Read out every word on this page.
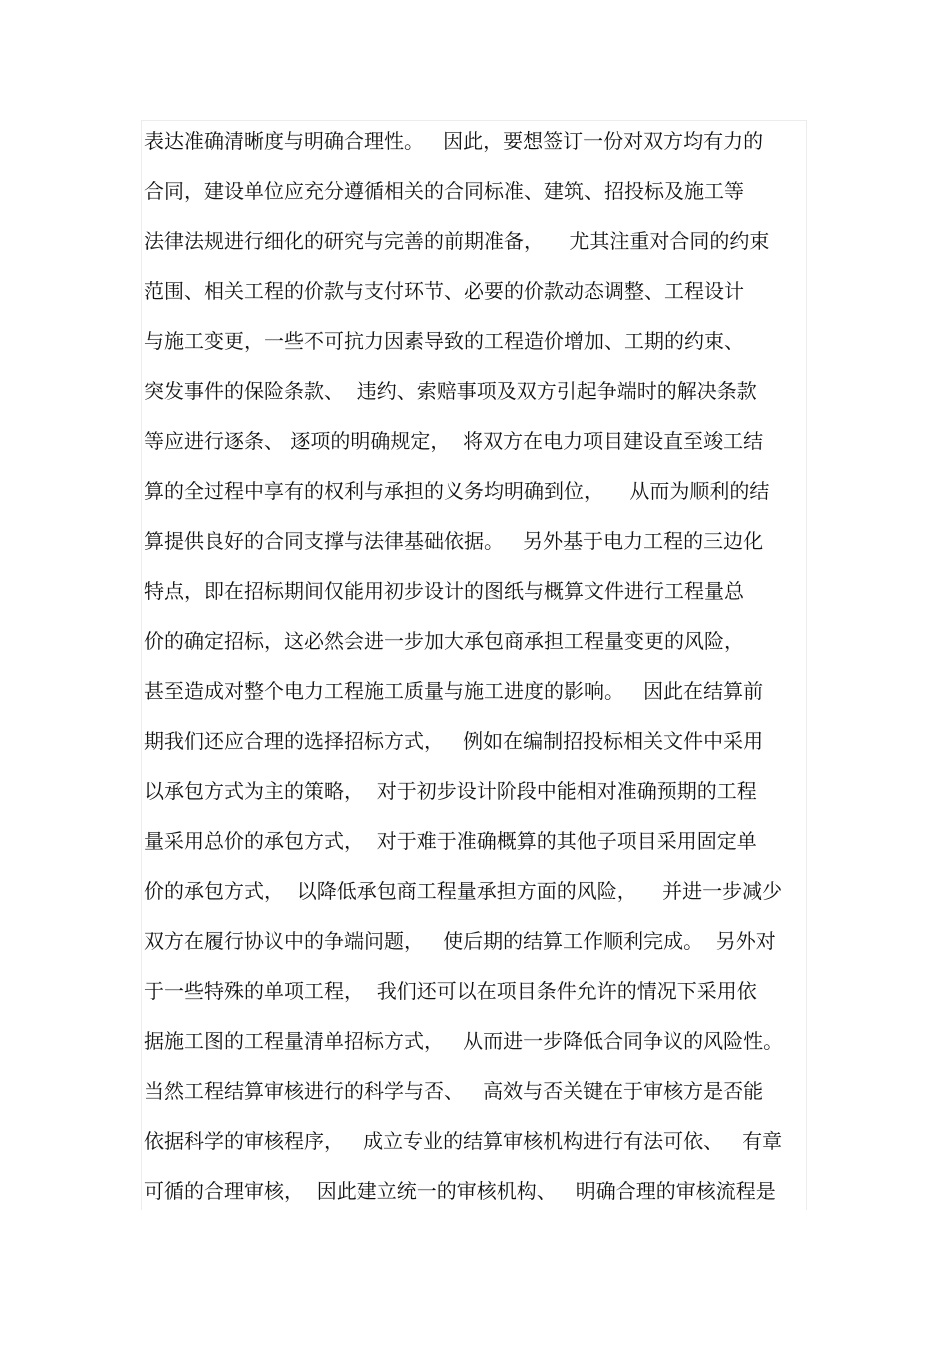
表达准确清晰度与明确合理性。   因此，要想签订一份对双方均有力的

合同，建设单位应充分遵循相关的合同标准、建筑、招投标及施工等

法律法规进行细化的研究与完善的前期准备，    尤其注重对合同的约束

范围、相关工程的价款与支付环节、必要的价款动态调整、工程设计

与施工变更，一些不可抗力因素导致的工程造价增加、工期的约束、

突发事件的保险条款、  违约、索赔事项及双方引起争端时的解决条款

等应进行逐条、 逐项的明确规定，  将双方在电力项目建设直至竣工结

算的全过程中享有的权利与承担的义务均明确到位，    从而为顺利的结

算提供良好的合同支撑与法律基础依据。   另外基于电力工程的三边化

特点，即在招标期间仅能用初步设计的图纸与概算文件进行工程量总

价的确定招标，这必然会进一步加大承包商承担工程量变更的风险，

甚至造成对整个电力工程施工质量与施工进度的影响。   因此在结算前

期我们还应合理的选择招标方式，   例如在编制招投标相关文件中采用

以承包方式为主的策略，  对于初步设计阶段中能相对准确预期的工程

量采用总价的承包方式，  对于难于准确概算的其他子项目采用固定单

价的承包方式，  以降低承包商工程量承担方面的风险，    并进一步减少

双方在履行协议中的争端问题，   使后期的结算工作顺利完成。  另外对

于一些特殊的单项工程，  我们还可以在项目条件允许的情况下采用依

据施工图的工程量清单招标方式，   从而进一步降低合同争议的风险性。

当然工程结算审核进行的科学与否、   高效与否关键在于审核方是否能

依据科学的审核程序，   成立专业的结算审核机构进行有法可依、   有章

可循的合理审核，  因此建立统一的审核机构、   明确合理的审核流程是
